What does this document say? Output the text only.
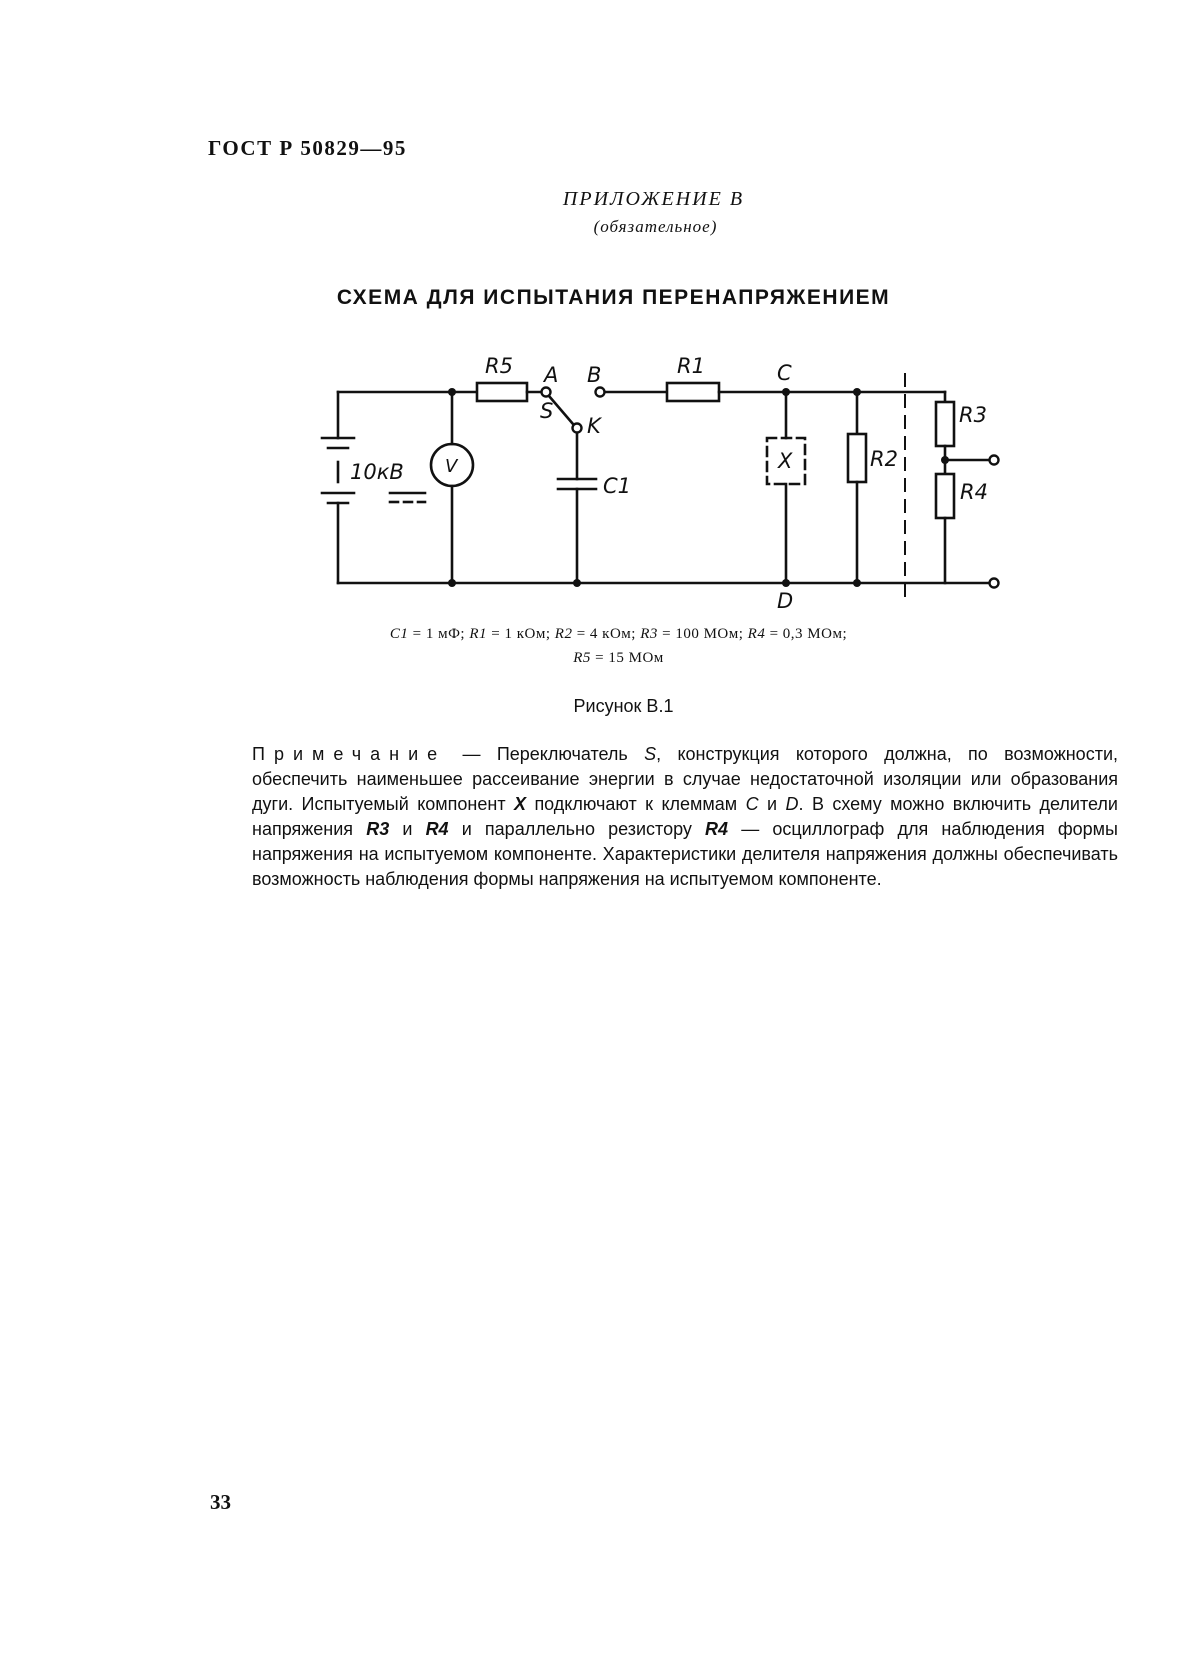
ГОСТ Р 50829—95
ПРИЛОЖЕНИЕ В
(обязательное)
СХЕМА ДЛЯ ИСПЫТАНИЯ ПЕРЕНАПРЯЖЕНИЕМ
R5 A B	R1	C
S
K	R3
R4
R2
C1
X
V
10кВ
D
C1 = 1 мФ; R1 = 1 кОм; R2 = 4 кОм; R3 = 100 МОм; R4 = 0,3 МОм;
R5 = 15 МОм
Рисунок В.1
Примечание — Переключатель S, конструкция которого должна, по возможности, обеспечить наименьшее рассеивание энергии в случае недостаточной изоляции или образования дуги. Испытуемый компонент X подключают к клеммам C и D. В схему можно включить делители напряжения R3 и R4 и параллельно резистору R4 — осциллограф для наблюдения формы напряжения на испытуемом компоненте. Характеристики делителя напряжения должны обеспечивать возможность наблюдения формы напряжения на испытуемом компоненте.
33
